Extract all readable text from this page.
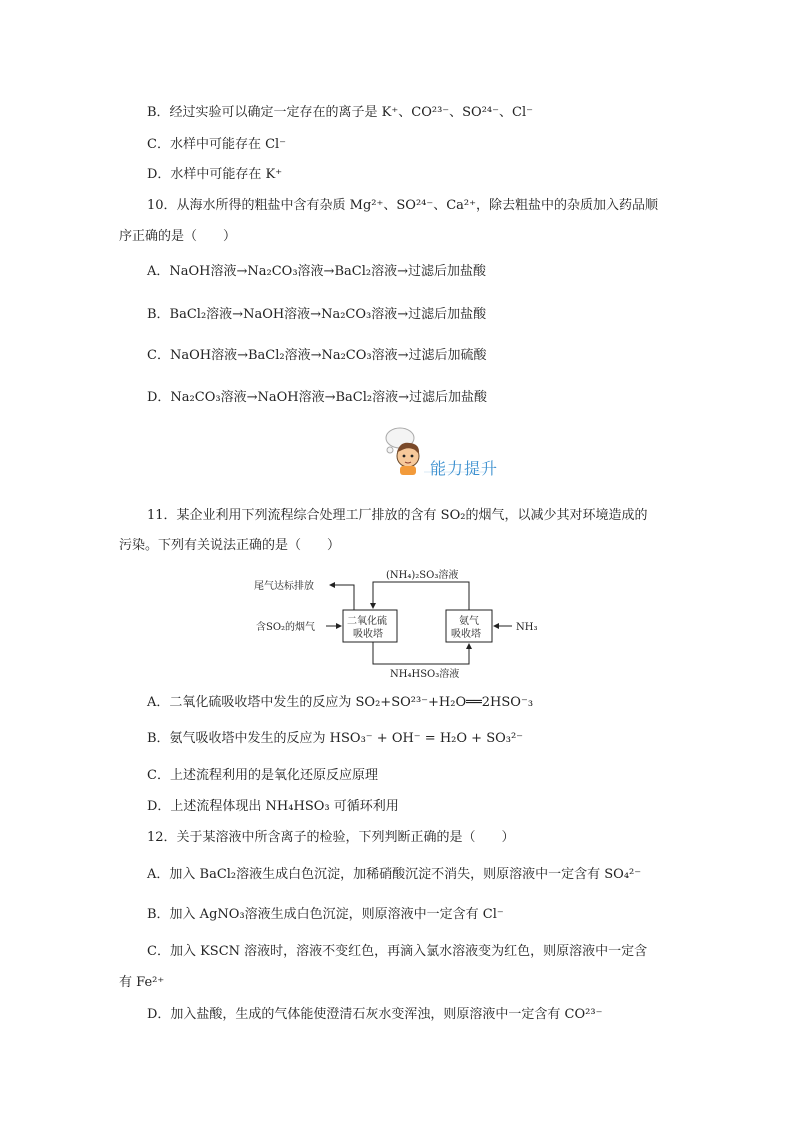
B．经过实验可以确定一定存在的离子是 K⁺、CO²³⁻、SO²⁴⁻、Cl⁻
C．水样中可能存在 Cl⁻
D．水样中可能存在 K⁺
10．从海水所得的粗盐中含有杂质 Mg²⁺、SO²⁴⁻、Ca²⁺，除去粗盐中的杂质加入药品顺
序正确的是（　　）
A．NaOH溶液→Na₂CO₃溶液→BaCl₂溶液→过滤后加盐酸
B．BaCl₂溶液→NaOH溶液→Na₂CO₃溶液→过滤后加盐酸
C．NaOH溶液→BaCl₂溶液→Na₂CO₃溶液→过滤后加硫酸
D．Na₂CO₃溶液→NaOH溶液→BaCl₂溶液→过滤后加盐酸
能力提升
11．某企业利用下列流程综合处理工厂排放的含有 SO₂的烟气，以减少其对环境造成的
污染。下列有关说法正确的是（　　）
(NH₄)₂SO₃溶液
NH₄HSO₃溶液
尾气达标排放
含SO₂的烟气
二氧化硫
吸收塔
氨气
吸收塔
NH₃
A．二氧化硫吸收塔中发生的反应为 SO₂+SO²³⁻+H₂O══2HSO⁻₃
B．氨气吸收塔中发生的反应为 HSO₃⁻ + OH⁻ = H₂O + SO₃²⁻
C．上述流程利用的是氧化还原反应原理
D．上述流程体现出 NH₄HSO₃ 可循环利用
12．关于某溶液中所含离子的检验，下列判断正确的是（　　）
A．加入 BaCl₂溶液生成白色沉淀，加稀硝酸沉淀不消失，则原溶液中一定含有 SO₄²⁻
B．加入 AgNO₃溶液生成白色沉淀，则原溶液中一定含有 Cl⁻
C．加入 KSCN 溶液时，溶液不变红色，再滴入氯水溶液变为红色，则原溶液中一定含
有 Fe²⁺
D．加入盐酸，生成的气体能使澄清石灰水变浑浊，则原溶液中一定含有 CO²³⁻
